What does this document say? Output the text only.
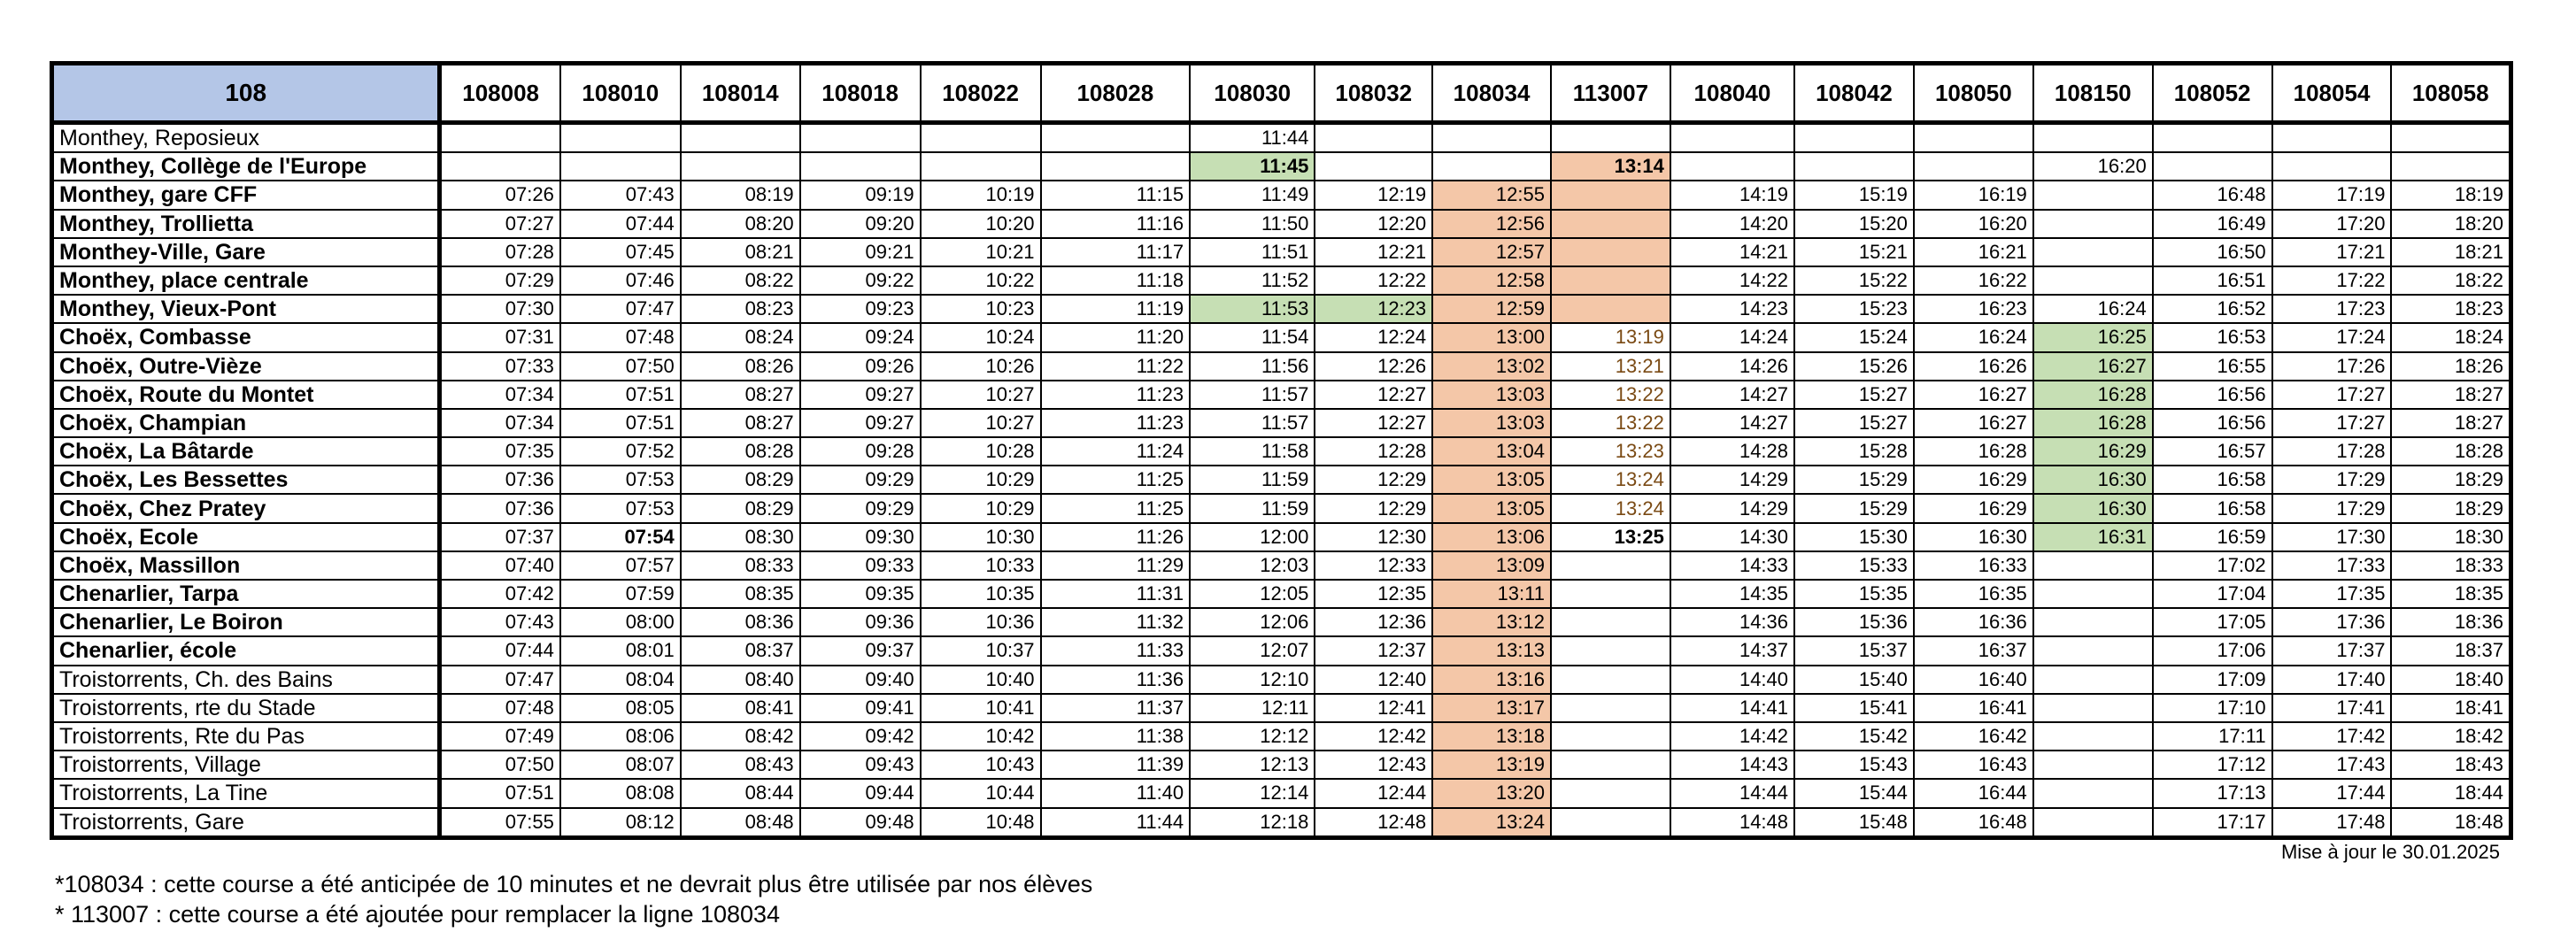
108	108008	108010	108014	108018	108022	108028	108030	108032	108034	113007	108040	108042	108050	108150	108052	108054	108058
Monthey, Reposieux							11:44										
Monthey, Collège de l'Europe							11:45			13:14				16:20			
Monthey, gare CFF	07:26	07:43	08:19	09:19	10:19	11:15	11:49	12:19	12:55		14:19	15:19	16:19		16:48	17:19	18:19
Monthey, Trollietta	07:27	07:44	08:20	09:20	10:20	11:16	11:50	12:20	12:56		14:20	15:20	16:20		16:49	17:20	18:20
Monthey-Ville, Gare	07:28	07:45	08:21	09:21	10:21	11:17	11:51	12:21	12:57		14:21	15:21	16:21		16:50	17:21	18:21
Monthey, place centrale	07:29	07:46	08:22	09:22	10:22	11:18	11:52	12:22	12:58		14:22	15:22	16:22		16:51	17:22	18:22
Monthey, Vieux-Pont	07:30	07:47	08:23	09:23	10:23	11:19	11:53	12:23	12:59		14:23	15:23	16:23	16:24	16:52	17:23	18:23
Choëx, Combasse	07:31	07:48	08:24	09:24	10:24	11:20	11:54	12:24	13:00	13:19	14:24	15:24	16:24	16:25	16:53	17:24	18:24
Choëx, Outre-Vièze	07:33	07:50	08:26	09:26	10:26	11:22	11:56	12:26	13:02	13:21	14:26	15:26	16:26	16:27	16:55	17:26	18:26
Choëx, Route du Montet	07:34	07:51	08:27	09:27	10:27	11:23	11:57	12:27	13:03	13:22	14:27	15:27	16:27	16:28	16:56	17:27	18:27
Choëx, Champian	07:34	07:51	08:27	09:27	10:27	11:23	11:57	12:27	13:03	13:22	14:27	15:27	16:27	16:28	16:56	17:27	18:27
Choëx, La Bâtarde	07:35	07:52	08:28	09:28	10:28	11:24	11:58	12:28	13:04	13:23	14:28	15:28	16:28	16:29	16:57	17:28	18:28
Choëx, Les Bessettes	07:36	07:53	08:29	09:29	10:29	11:25	11:59	12:29	13:05	13:24	14:29	15:29	16:29	16:30	16:58	17:29	18:29
Choëx, Chez Pratey	07:36	07:53	08:29	09:29	10:29	11:25	11:59	12:29	13:05	13:24	14:29	15:29	16:29	16:30	16:58	17:29	18:29
Choëx, Ecole	07:37	07:54	08:30	09:30	10:30	11:26	12:00	12:30	13:06	13:25	14:30	15:30	16:30	16:31	16:59	17:30	18:30
Choëx, Massillon	07:40	07:57	08:33	09:33	10:33	11:29	12:03	12:33	13:09		14:33	15:33	16:33		17:02	17:33	18:33
Chenarlier, Tarpa	07:42	07:59	08:35	09:35	10:35	11:31	12:05	12:35	13:11		14:35	15:35	16:35		17:04	17:35	18:35
Chenarlier, Le Boiron	07:43	08:00	08:36	09:36	10:36	11:32	12:06	12:36	13:12		14:36	15:36	16:36		17:05	17:36	18:36
Chenarlier, école	07:44	08:01	08:37	09:37	10:37	11:33	12:07	12:37	13:13		14:37	15:37	16:37		17:06	17:37	18:37
Troistorrents, Ch. des Bains	07:47	08:04	08:40	09:40	10:40	11:36	12:10	12:40	13:16		14:40	15:40	16:40		17:09	17:40	18:40
Troistorrents, rte du Stade	07:48	08:05	08:41	09:41	10:41	11:37	12:11	12:41	13:17		14:41	15:41	16:41		17:10	17:41	18:41
Troistorrents, Rte du Pas	07:49	08:06	08:42	09:42	10:42	11:38	12:12	12:42	13:18		14:42	15:42	16:42		17:11	17:42	18:42
Troistorrents, Village	07:50	08:07	08:43	09:43	10:43	11:39	12:13	12:43	13:19		14:43	15:43	16:43		17:12	17:43	18:43
Troistorrents, La Tine	07:51	08:08	08:44	09:44	10:44	11:40	12:14	12:44	13:20		14:44	15:44	16:44		17:13	17:44	18:44
Troistorrents, Gare	07:55	08:12	08:48	09:48	10:48	11:44	12:18	12:48	13:24		14:48	15:48	16:48		17:17	17:48	18:48
Mise à jour le 30.01.2025
*108034 : cette course a été anticipée de 10 minutes et ne devrait plus être utilisée par nos élèves
* 113007 : cette course a été ajoutée pour remplacer la ligne 108034
